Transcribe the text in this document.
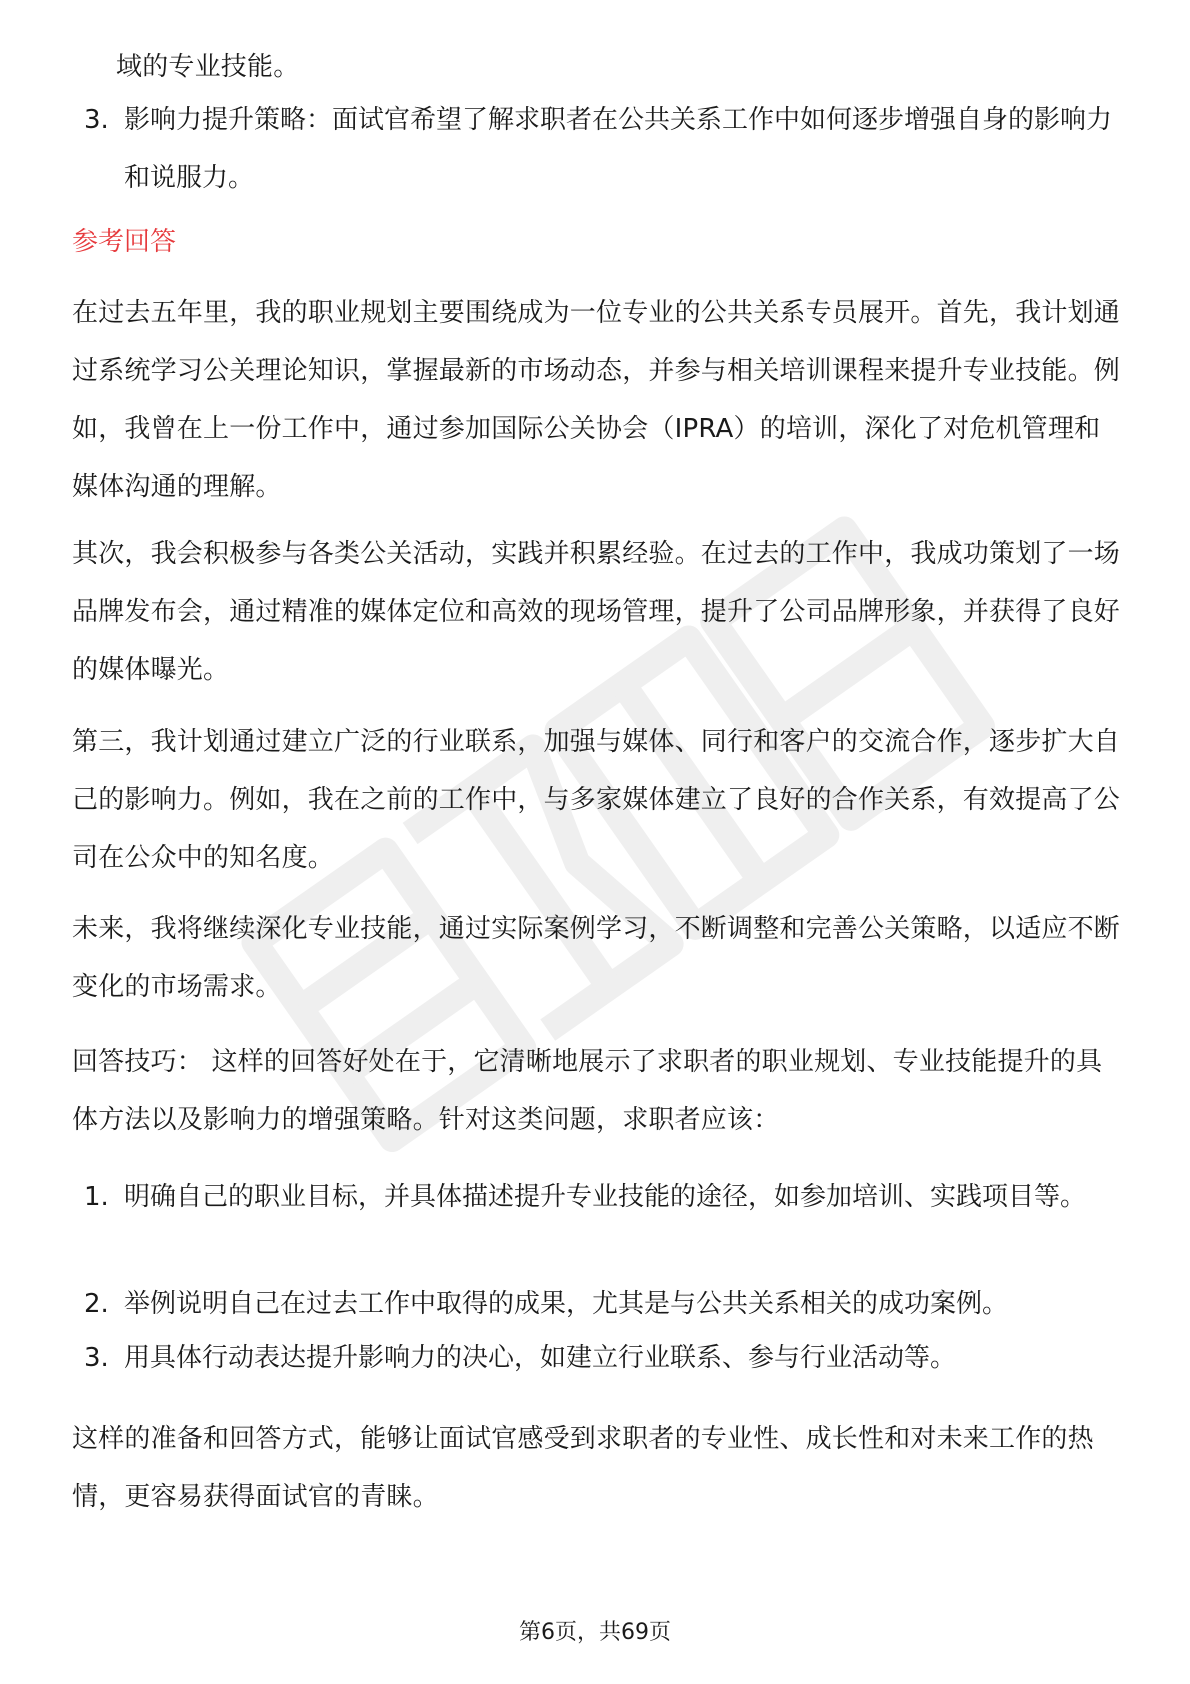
职级新闻
域的专业技能。
3. 影响力提升策略：面试官希望了解求职者在公共关系工作中如何逐步增强自身的影响力和说服力。
参考回答

在过去五年里，我的职业规划主要围绕成为一位专业的公共关系专员展开。首先，我计划通过系统学习公关理论知识，掌握最新的市场动态，并参与相关培训课程来提升专业技能。例如，我曾在上一份工作中，通过参加国际公关协会（IPRA）的培训，深化了对危机管理和媒体沟通的理解。

其次，我会积极参与各类公关活动，实践并积累经验。在过去的工作中，我成功策划了一场品牌发布会，通过精准的媒体定位和高效的现场管理，提升了公司品牌形象，并获得了良好的媒体曝光。

第三，我计划通过建立广泛的行业联系，加强与媒体、同行和客户的交流合作，逐步扩大自己的影响力。例如，我在之前的工作中，与多家媒体建立了良好的合作关系，有效提高了公司在公众中的知名度。

未来，我将继续深化专业技能，通过实际案例学习，不断调整和完善公关策略，以适应不断变化的市场需求。

回答技巧： 这样的回答好处在于，它清晰地展示了求职者的职业规划、专业技能提升的具体方法以及影响力的增强策略。针对这类问题，求职者应该：

1. 明确自己的职业目标，并具体描述提升专业技能的途径，如参加培训、实践项目等。
2. 举例说明自己在过去工作中取得的成果，尤其是与公共关系相关的成功案例。
3. 用具体行动表达提升影响力的决心，如建立行业联系、参与行业活动等。

这样的准备和回答方式，能够让面试官感受到求职者的专业性、成长性和对未来工作的热情，更容易获得面试官的青睐。

第6页，共69页
